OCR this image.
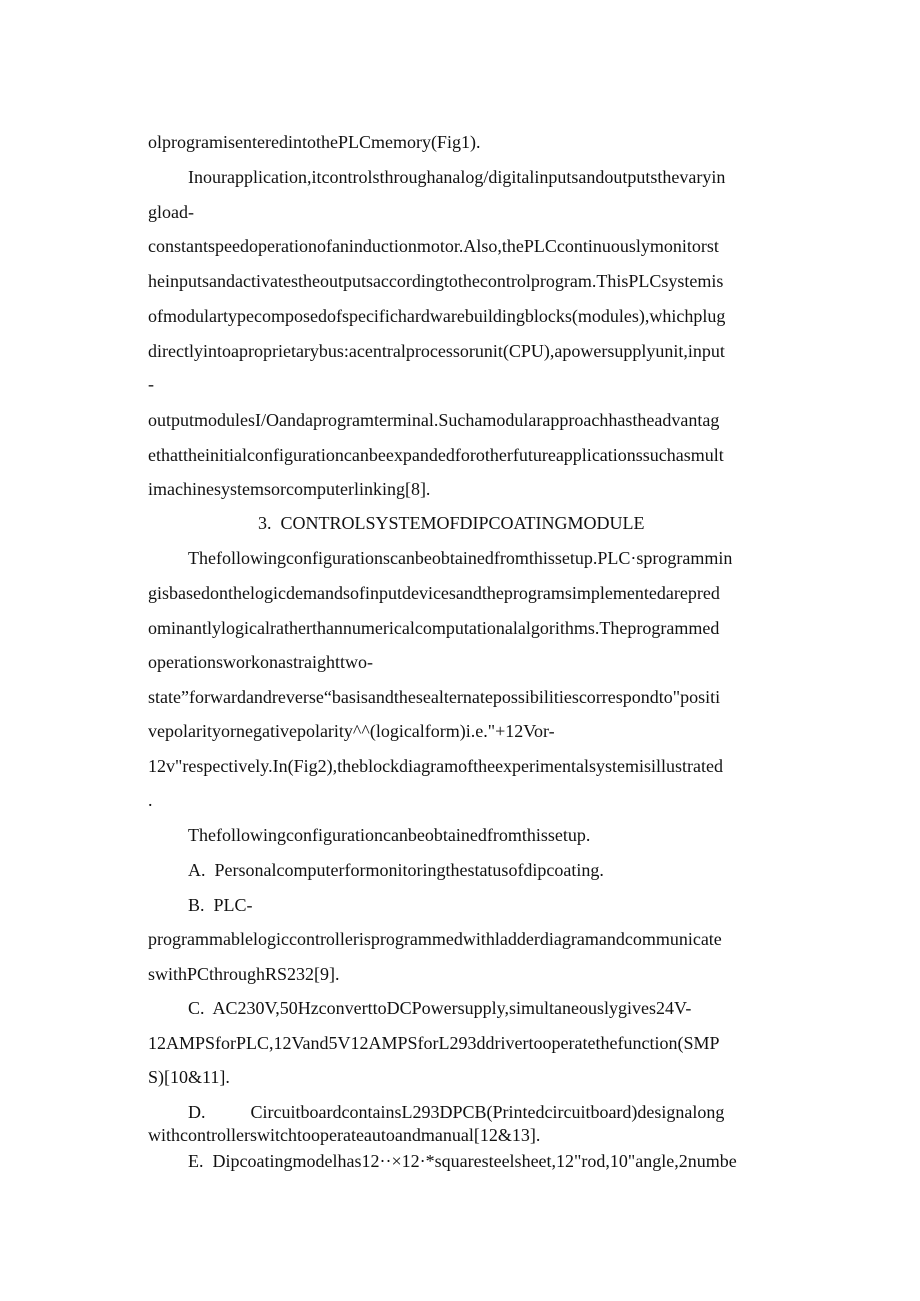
olprogramisenteredintothePLCmemory(Fig1).
Inourapplication,itcontrolsthroughanalog/digitalinputsandoutputsthevaryin
gload-
constantspeedoperationofaninductionmotor.Also,thePLCcontinuouslymonitorst
heinputsandactivatestheoutputsaccordingtothecontrolprogram.ThisPLCsystemis
ofmodulartypecomposedofspecifichardwarebuildingblocks(modules),whichplug
directlyintoaproprietarybus:acentralprocessorunit(CPU),apowersupplyunit,input
-
outputmodulesI/Oandaprogramterminal.Suchamodularapproachhastheadvantag
ethattheinitialconfigurationcanbeexpandedforotherfutureapplicationssuchasmult
imachinesystemsorcomputerlinking[8].
3.  CONTROLSYSTEMOFDIPCOATINGMODULE
Thefollowingconfigurationscanbeobtainedfromthissetup.PLC·sprogrammin
gisbasedonthelogicdemandsofinputdevicesandtheprogramsimplementedarepred
ominantlylogicalratherthannumericalcomputationalalgorithms.Theprogrammed
operationsworkonastraighttwo-
state”forwardandreverse“basisandthesealternatepossibilitiescorrespondto"positi
vepolarityornegativepolarity^^(logicalform)i.e."+12Vor-
12v"respectively.In(Fig2),theblockdiagramoftheexperimentalsystemisillustrated
.
Thefollowingconfigurationcanbeobtainedfromthissetup.
A.  Personalcomputerformonitoringthestatusofdipcoating.
B.  PLC-
programmablelogiccontrollerisprogrammedwithladderdiagramandcommunicate
swithPCthroughRS232[9].
C.  AC230V,50HzconverttoDCPowersupply,simultaneouslygives24V-
12AMPSforPLC,12Vand5V12AMPSforL293ddrivertooperatethefunction(SMP
S)[10&11].
D.          CircuitboardcontainsL293DPCB(Printedcircuitboard)designalong
withcontrollerswitchtooperateautoandmanual[12&13].
E.  Dipcoatingmodelhas12··×12·*squaresteelsheet,12"rod,10"angle,2numbe
